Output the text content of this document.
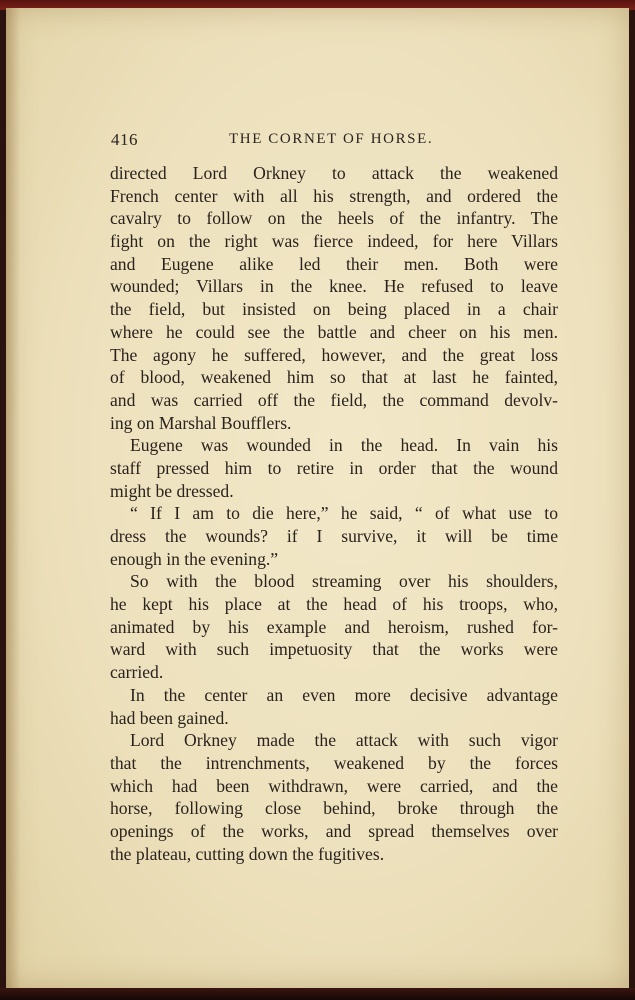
416	THE CORNET OF HORSE.
directed Lord Orkney to attack the weakened
French center with all his strength, and ordered the
cavalry to follow on the heels of the infantry. The
fight on the right was fierce indeed, for here Villars
and Eugene alike led their men. Both were
wounded; Villars in the knee. He refused to leave
the field, but insisted on being placed in a chair
where he could see the battle and cheer on his men.
The agony he suffered, however, and the great loss
of blood, weakened him so that at last he fainted,
and was carried off the field, the command devolv-
ing on Marshal Boufflers.
Eugene was wounded in the head. In vain his
staff pressed him to retire in order that the wound
might be dressed.
“ If I am to die here,” he said, “ of what use to
dress the wounds? if I survive, it will be time
enough in the evening.”
So with the blood streaming over his shoulders,
he kept his place at the head of his troops, who,
animated by his example and heroism, rushed for-
ward with such impetuosity that the works were
carried.
In the center an even more decisive advantage
had been gained.
Lord Orkney made the attack with such vigor
that the intrenchments, weakened by the forces
which had been withdrawn, were carried, and the
horse, following close behind, broke through the
openings of the works, and spread themselves over
the plateau, cutting down the fugitives.
